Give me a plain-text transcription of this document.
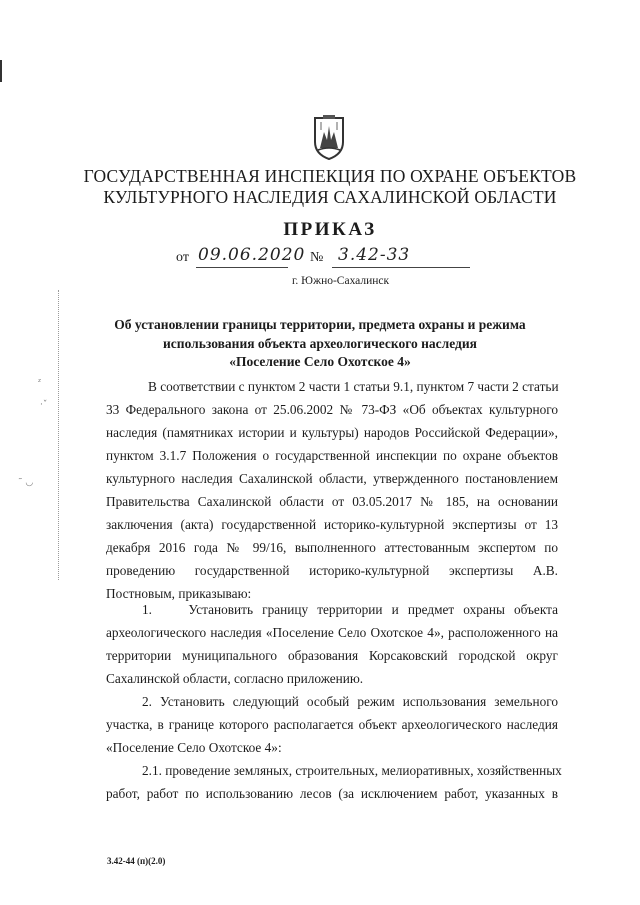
ᶻ
·ˇ
˜ ◡
ГОСУДАРСТВЕННАЯ ИНСПЕКЦИЯ ПО ОХРАНЕ ОБЪЕКТОВ
КУЛЬТУРНОГО НАСЛЕДИЯ САХАЛИНСКОЙ ОБЛАСТИ
ПРИКАЗ
от 09.06.2020 № 3.42-33
г. Южно-Сахалинск
Об установлении границы территории, предмета охраны и режима
использования объекта археологического наследия
«Поселение Село Охотское 4»
В соответствии с пунктом 2 части 1 статьи 9.1, пунктом 7 части 2 статьи
33 Федерального закона от 25.06.2002 № 73-ФЗ «Об объектах культурного
наследия (памятниках истории и культуры) народов Российской Федерации»,
пунктом 3.1.7 Положения о государственной инспекции по охране объектов
культурного наследия Сахалинской области, утвержденного постановлением
Правительства Сахалинской области от 03.05.2017 № 185, на основании
заключения (акта) государственной историко-культурной экспертизы от 13
декабря 2016 года № 99/16, выполненного аттестованным экспертом по
проведению государственной историко-культурной экспертизы А.В.
Постновым, приказываю:
1.    Установить границу территории и предмет охраны объекта
археологического наследия «Поселение Село Охотское 4», расположенного на
территории муниципального образования Корсаковский городской округ
Сахалинской области, согласно приложению.
2. Установить следующий особый режим использования земельного
участка, в границе которого располагается объект археологического наследия
«Поселение Село Охотское 4»:
2.1. проведение земляных, строительных, мелиоративных, хозяйственных
работ, работ по использованию лесов (за исключением работ, указанных в
3.42-44 (п)(2.0)
